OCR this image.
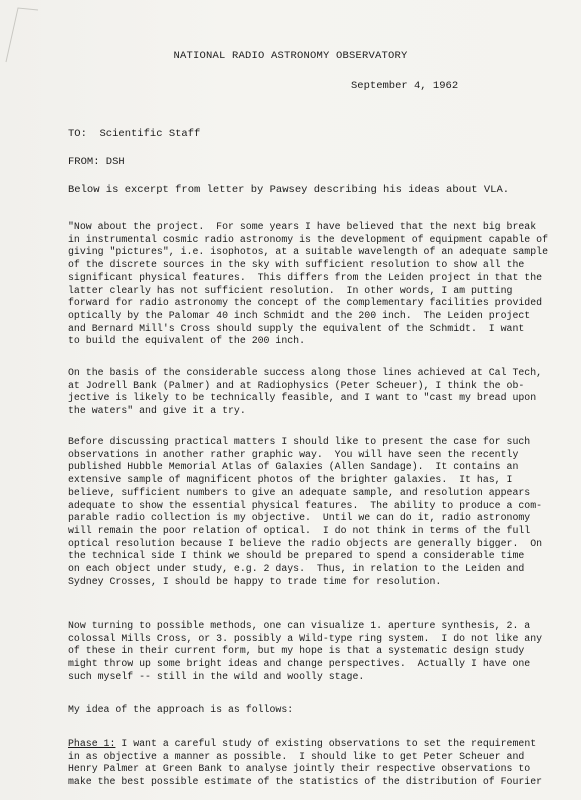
NATIONAL RADIO ASTRONOMY OBSERVATORY
September 4, 1962
TO:  Scientific Staff
FROM: DSH
Below is excerpt from letter by Pawsey describing his ideas about VLA.
"Now about the project.  For some years I have believed that the next big break
in instrumental cosmic radio astronomy is the development of equipment capable of
giving "pictures", i.e. isophotos, at a suitable wavelength of an adequate sample
of the discrete sources in the sky with sufficient resolution to show all the
significant physical features.  This differs from the Leiden project in that the
latter clearly has not sufficient resolution.  In other words, I am putting
forward for radio astronomy the concept of the complementary facilities provided
optically by the Palomar 40 inch Schmidt and the 200 inch.  The Leiden project
and Bernard Mill's Cross should supply the equivalent of the Schmidt.  I want
to build the equivalent of the 200 inch.
On the basis of the considerable success along those lines achieved at Cal Tech,
at Jodrell Bank (Palmer) and at Radiophysics (Peter Scheuer), I think the ob-
jective is likely to be technically feasible, and I want to "cast my bread upon
the waters" and give it a try.
Before discussing practical matters I should like to present the case for such
observations in another rather graphic way.  You will have seen the recently
published Hubble Memorial Atlas of Galaxies (Allen Sandage).  It contains an
extensive sample of magnificent photos of the brighter galaxies.  It has, I
believe, sufficient numbers to give an adequate sample, and resolution appears
adequate to show the essential physical features.  The ability to produce a com-
parable radio collection is my objective.  Until we can do it, radio astronomy
will remain the poor relation of optical.  I do not think in terms of the full
optical resolution because I believe the radio objects are generally bigger.  On
the technical side I think we should be prepared to spend a considerable time
on each object under study, e.g. 2 days.  Thus, in relation to the Leiden and
Sydney Crosses, I should be happy to trade time for resolution.
Now turning to possible methods, one can visualize 1. aperture synthesis, 2. a
colossal Mills Cross, or 3. possibly a Wild-type ring system.  I do not like any
of these in their current form, but my hope is that a systematic design study
might throw up some bright ideas and change perspectives.  Actually I have one
such myself -- still in the wild and woolly stage.
My idea of the approach is as follows:
Phase 1: I want a careful study of existing observations to set the requirement
in as objective a manner as possible.  I should like to get Peter Scheuer and
Henry Palmer at Green Bank to analyse jointly their respective observations to
make the best possible estimate of the statistics of the distribution of Fourier
